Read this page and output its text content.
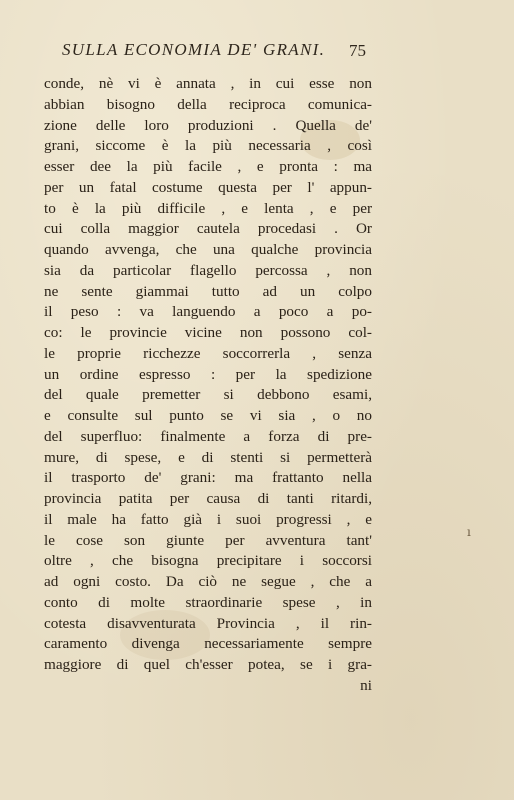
SULLA ECONOMIA DE' GRANI.	75
conde, nè vi è annata , in cui esse non
abbian bisogno della reciproca comunica-
zione delle loro produzioni . Quella de'
grani, siccome è la più necessaria , così
esser dee la più facile , e pronta : ma
per un fatal costume questa per l' appun-
to è la più difficile , e lenta , e per
cui colla maggior cautela procedasi . Or
quando avvenga, che una qualche provincia
sia da particolar flagello percossa , non
ne sente giammai tutto ad un colpo
il peso : va languendo a poco a po-
co: le provincie vicine non possono col-
le proprie ricchezze soccorrerla , senza
un ordine espresso : per la spedizione
del quale premetter si debbono esami,
e consulte sul punto se vi sia , o no
del superfluo: finalmente a forza di pre-
mure, di spese, e di stenti si permetterà
il trasporto de' grani: ma frattanto nella
provincia patita per causa di tanti ritardi,
il male ha fatto già i suoi progressi , e
le cose son giunte per avventura tant'
oltre , che bisogna precipitare i soccorsi
ad ogni costo. Da ciò ne segue , che a
conto di molte straordinarie spese , in
cotesta disavventurata Provincia , il rin-
caramento divenga necessariamente sempre
maggiore di quel ch'esser potea, se i gra-
ni
ı
